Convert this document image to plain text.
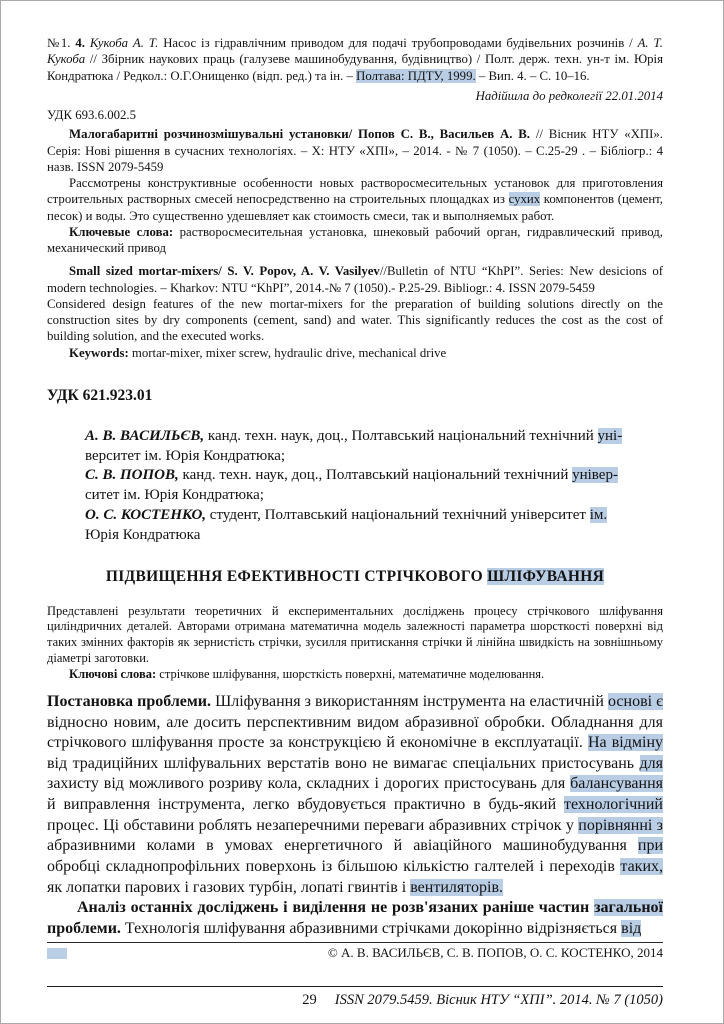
№1. 4. Кукоба А. Т. Насос із гідравлічним приводом для подачі трубопроводами будівельних розчинів / А. Т. Кукоба // Збірник наукових праць (галузеве машинобудування, будівництво) / Полт. держ. техн. ун-т ім. Юрія Кондратюка / Редкол.: О.Г.Онищенко (відп. ред.) та ін. – Полтава: ПДТУ, 1999. – Вип. 4. – С. 10–16.

Надійшла до редколегії 22.01.2014

УДК 693.6.002.5

Малогабаритні розчинозмішувальні установки/ Попов С. В., Васильев А. В. // Вісник НТУ «ХПІ». Серія: Нові рішення в сучасних технологіях. – Х: НТУ «ХПІ», – 2014. - № 7 (1050). – С.25-29 . – Бібліогр.: 4 назв. ISSN 2079-5459

Рассмотрены конструктивные особенности новых растворосмесительных установок для приготовления строительных растворных смесей непосредственно на строительных площадках из сухих компонентов (цемент, песок) и воды. Это существенно удешевляет как стоимость смеси, так и выполняемых работ.

Ключевые слова: растворосмесительная установка, шнековый рабочий орган, гидравлический привод, механический привод

Small sized mortar-mixers/ S. V. Popov, A. V. Vasilyev//Bulletin of NTU “KhPI”. Series: New desicions of modern technologies. – Kharkov: NTU “KhPI”, 2014.-№ 7 (1050).- P.25-29. Bibliogr.: 4. ISSN 2079-5459

Considered design features of the new mortar-mixers for the preparation of building solutions directly on the construction sites by dry components (cement, sand) and water. This significantly reduces the cost as the cost of building solution, and the executed works.

Keywords: mortar-mixer, mixer screw, hydraulic drive, mechanical drive

УДК 621.923.01

А. В. ВАСИЛЬЄВ, канд. техн. наук, доц., Полтавський національний технічний уні-
верситет ім. Юрія Кондратюка;

С. В. ПОПОВ, канд. техн. наук, доц., Полтавський національний технічний універ-
ситет ім. Юрія Кондратюка;

О. С. КОСТЕНКО, студент, Полтавський національний технічний університет ім.
Юрія Кондратюка

ПІДВИЩЕННЯ ЕФЕКТИВНОСТІ СТРІЧКОВОГО ШЛІФУВАННЯ

Представлені результати теоретичних й експериментальних досліджень процесу стрічкового шліфування циліндричних деталей. Авторами отримана математична модель залежності параметра шорсткості поверхні від таких змінних факторів як зернистість стрічки, зусилля притискання стрічки й лінійна швидкість на зовнішньому діаметрі заготовки.

Ключові слова: стрічкове шліфування, шорсткість поверхні, математичне моделювання.

Постановка проблеми. Шліфування з використанням інструмента на еластичній основі є відносно новим, але досить перспективним видом абразивної обробки. Обладнання для стрічкового шліфування просте за конструкцією й економічне в експлуатації. На відміну від традиційних шліфувальних верстатів воно не вимагає спеціальних пристосувань для захисту від можливого розриву кола, складних і дорогих пристосувань для балансування й виправлення інструмента, легко вбудовується практично в будь-який технологічний процес. Ці обставини роблять незаперечними переваги абразивних стрічок у порівнянні з абразивними колами в умовах енергетичного й авіаційного машинобудування при обробці складнопрофільних поверхонь із більшою кількістю галтелей і переходів таких, як лопатки парових і газових турбін, лопаті гвинтів і вентиляторів.

Аналіз останніх досліджень і виділення не розв'язаних раніше частин загальної проблеми. Технологія шліфування абразивними стрічками докорінно відрізняється від

© А. В. ВАСИЛЬЄВ, С. В. ПОПОВ, О. С. КОСТЕНКО, 2014

29 ISSN 2079.5459. Вісник НТУ “ХПІ”. 2014. № 7 (1050)
